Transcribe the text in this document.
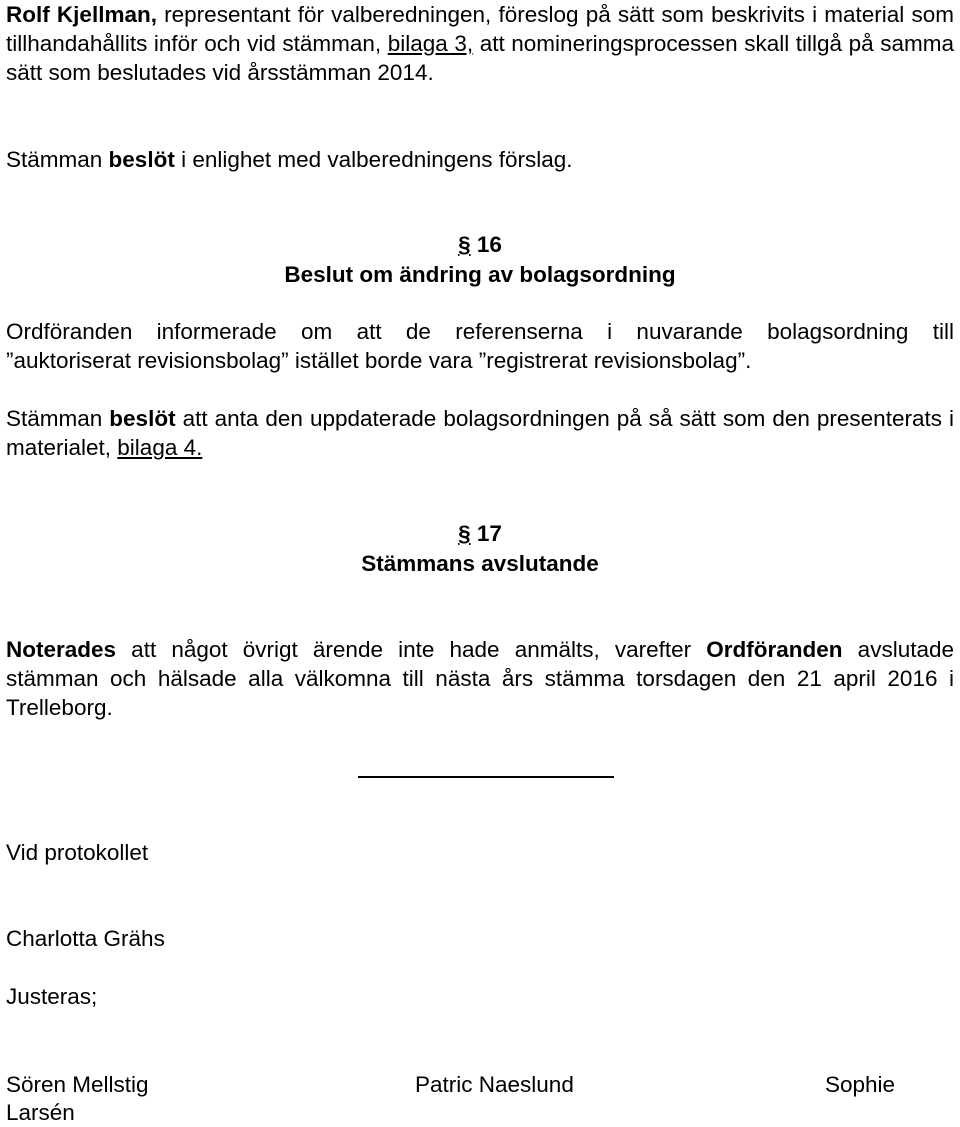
Rolf Kjellman, representant för valberedningen, föreslog på sätt som beskrivits i material som tillhandahållits inför och vid stämman, bilaga 3, att nomineringsprocessen skall tillgå på samma sätt som beslutades vid årsstämman 2014.

Stämman beslöt i enlighet med valberedningens förslag.

§ 16
Beslut om ändring av bolagsordning

Ordföranden informerade om att de referenserna i nuvarande bolagsordning till

”auktoriserat revisionsbolag” istället borde vara ”registrerat revisionsbolag”.

Stämman beslöt att anta den uppdaterade bolagsordningen på så sätt som den presenterats i materialet, bilaga 4.

§ 17
Stämmans avslutande

Noterades att något övrigt ärende inte hade anmälts, varefter Ordföranden avslutade stämman och hälsade alla välkomna till nästa års stämma torsdagen den 21 april 2016 i Trelleborg.

Vid protokollet
Charlotta Grähs
Justeras;
Sören Mellstig	Patric Naeslund	Sophie
Larsén
